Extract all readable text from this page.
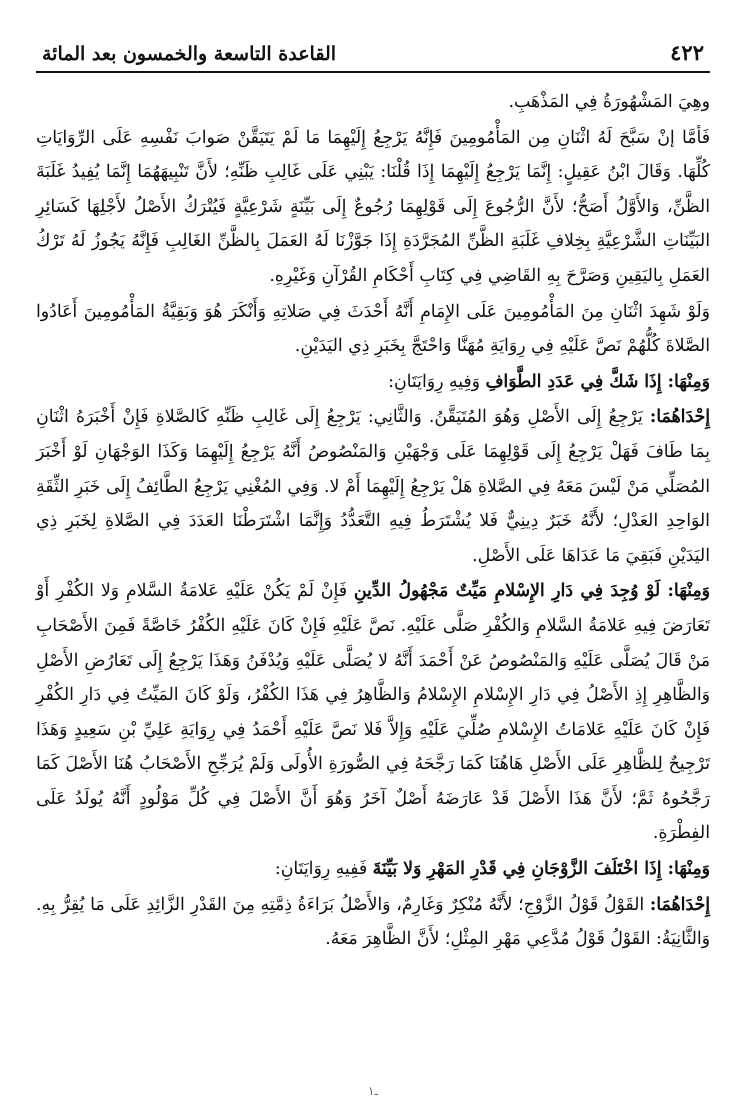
٤٢٢
القاعدة التاسعة والخمسون بعد المائة

وهِيَ المَشْهُورَةُ فِي المَذْهَبِ.

فَأمَّا إنْ سَبَّحَ لَهُ اثْنَانِ مِن المَأْمُومِينَ فَإِنَّهُ يَرْجِعُ إِلَيْهِمَا مَا لَمْ يَتَيَقَّنْ صَوابَ نَفْسِهِ عَلَى الرِّوَايَاتِ كُلِّهَا. وَقَالَ ابْنُ عَقِيلٍ: إِنَّمَا يَرْجِعُ إِلَيْهِمَا إِذَا قُلْنَا: يَبْنِي عَلَى غَالِبِ ظَنِّهِ؛ لأَنَّ تَنْبِيهَهُمَا إِنَّمَا يُفِيدُ غَلَبَةَ الظَّنِّ، وَالأَوَّلُ أَصَحُّ؛ لأَنَّ الرُّجُوعَ إِلَى قَوْلِهِمَا رُجُوعٌ إِلَى بَيِّنَةٍ شَرْعِيَّةٍ فَيُتْرَكُ الأَصْلُ لأَجْلِهَا كَسَائِرِ البَيِّنَاتِ الشَّرْعِيَّةِ بِخِلافِ غَلَبَةِ الظَّنِّ المُجَرَّدَةِ إِذَا جَوَّزْنَا لَهُ العَمَلَ بِالظَّنِّ الغَالِبِ فَإِنَّهُ يَجُوزُ لَهُ تَرْكُ العَمَلِ بِاليَقِينِ وَصَرَّحَ بِهِ القَاضِي فِي كِتَابِ أَحْكَامِ القُرْآنِ وَغَيْرِهِ.

وَلَوْ شَهِدَ اثْنَانِ مِنَ المَأْمُومِينَ عَلَى الإِمَامِ أَنَّهُ أَحْدَثَ فِي صَلاتِهِ وَأَنْكَرَ هُوَ وَبَقِيَّةُ المَأْمُومِينَ أَعَادُوا الصَّلاةَ كُلُّهُمْ نَصَّ عَلَيْهِ فِي رِوَايَةِ مُهَنَّا وَاحْتَجَّ بِخَبَرِ ذِي اليَدَيْنِ.

وَمِنْهَا: إِذَا شَكَّ فِي عَدَدِ الطَّوَافِ وَفِيهِ رِوَايَتَانِ:

إِحْدَاهُمَا: يَرْجِعُ إِلَى الأَصْلِ وَهُوَ المُتَيَقَّنُ. وَالثَّانِي: يَرْجِعُ إِلَى غَالِبِ ظَنِّهِ كَالصَّلاةِ فَإِنْ أَخْبَرَهُ اثْنَانِ بِمَا طَافَ فَهَلْ يَرْجِعُ إِلَى قَوْلِهِمَا عَلَى وَجْهَيْنِ وَالمَنْصُوصُ أَنَّهُ يَرْجِعُ إِلَيْهِمَا وَكَذَا الوَجْهَانِ لَوْ أَخْبَرَ المُصَلِّي مَنْ لَيْسَ مَعَهُ فِي الصَّلاةِ هَلْ يَرْجِعُ إِلَيْهِمَا أَمْ لا. وَفِي المُغْنِي يَرْجِعُ الطَّائِفُ إِلَى خَبَرِ الثِّقَةِ الوَاحِدِ العَدْلِ؛ لأَنَّهُ خَبَرٌ دِينِيٌّ فَلا يُشْتَرَطُ فِيهِ التَّعَدُّدُ وَإِنَّمَا اشْتَرَطْنَا العَدَدَ فِي الصَّلاةِ لِخَبَرِ ذِي اليَدَيْنِ فَبَقِيَ مَا عَدَاهَا عَلَى الأَصْلِ.

وَمِنْهَا: لَوْ وُجِدَ فِي دَارِ الإِسْلامِ مَيِّتٌ مَجْهُولُ الدِّينِ فَإِنْ لَمْ يَكُنْ عَلَيْهِ عَلامَةُ السَّلامِ وَلا الكُفْرِ أَوْ تَعَارَضَ فِيهِ عَلامَةُ السَّلامِ وَالكُفْرِ صَلَّى عَلَيْهِ. نَصَّ عَلَيْهِ فَإِنْ كَانَ عَلَيْهِ الكُفْرُ خَاصَّةً فَمِنَ الأَصْحَابِ مَنْ قَالَ يُصَلَّى عَلَيْهِ وَالمَنْصُوصُ عَنْ أَحْمَدَ أَنَّهُ لا يُصَلَّى عَلَيْهِ وَيُدْفَنُ وَهَذَا يَرْجِعُ إِلَى تَعَارُضِ الأَصْلِ وَالظَّاهِرِ إِذِ الأَصْلُ فِي دَارِ الإِسْلامِ الإِسْلامُ وَالظَّاهِرُ فِي هَذَا الكُفْرُ، وَلَوْ كَانَ المَيِّتُ فِي دَارِ الكُفْرِ فَإِنْ كَانَ عَلَيْهِ عَلامَاتُ الإِسْلامِ صُلِّيَ عَلَيْهِ وَإِلاَّ فَلا نَصَّ عَلَيْهِ أَحْمَدُ فِي رِوَايَةِ عَلِيِّ بْنِ سَعِيدٍ وَهَذَا تَرْجِيحٌ لِلظَّاهِرِ عَلَى الأَصْلِ هَاهُنَا كَمَا رَجَّحَهُ فِي الصُّورَةِ الأُولَى وَلَمْ يُرَجِّحِ الأَصْحَابُ هُنَا الأَصْلَ كَمَا رَجَّحُوهُ ثَمَّ؛ لأَنَّ هَذَا الأَصْلَ قَدْ عَارَضَهُ أَصْلٌ آخَرُ وَهُوَ أَنَّ الأَصْلَ فِي كُلِّ مَوْلُودٍ أَنَّهُ يُولَدُ عَلَى الفِطْرَةِ.

وَمِنْهَا: إِذَا اخْتَلَفَ الزَّوْجَانِ فِي قَدْرِ المَهْرِ وَلا بَيِّنَةَ فَفِيهِ رِوَايَتَانِ:

إِحْدَاهُمَا: القَوْلُ قَوْلُ الزَّوْجِ؛ لأَنَّهُ مُنْكِرٌ وَغَارِمٌ، وَالأَصْلُ بَرَاءَةُ ذِمَّتِهِ مِنَ القَدْرِ الزَّائِدِ عَلَى مَا يُقِرُّ بِهِ. وَالثَّانِيَةُ: القَوْلُ قَوْلُ مُدَّعِي مَهْرِ المِثْلِ؛ لأَنَّ الظَّاهِرَ مَعَهُ.

ـ١
